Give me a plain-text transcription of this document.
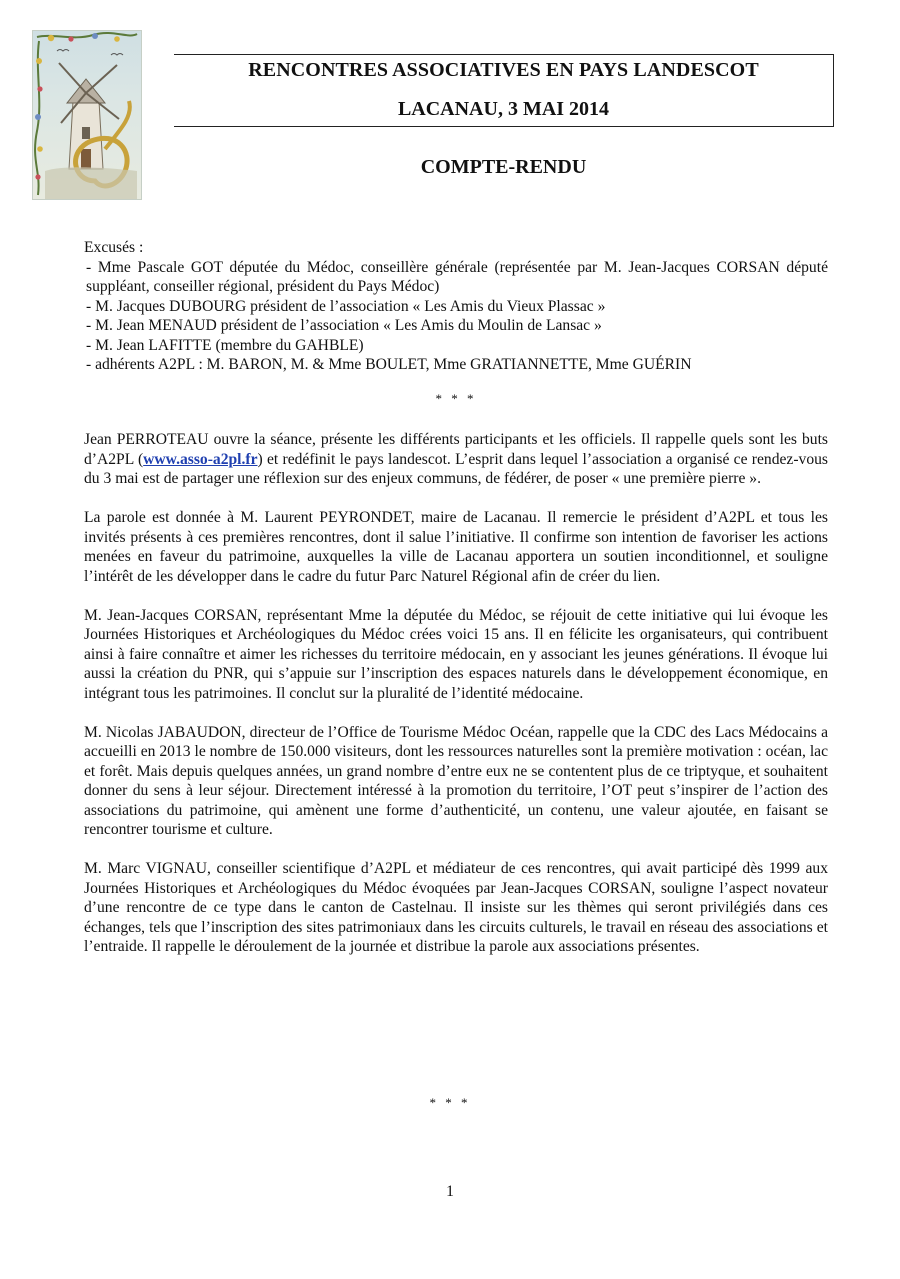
RENCONTRES ASSOCIATIVES EN PAYS LANDESCOT
LACANAU, 3 MAI 2014
COMPTE-RENDU

Excusés :

- Mme Pascale GOT députée du Médoc, conseillère générale (représentée par M. Jean-Jacques CORSAN député suppléant, conseiller régional, président du Pays Médoc)
- M. Jacques DUBOURG président de l’association « Les Amis du Vieux Plassac »
- M. Jean MENAUD président de l’association « Les Amis du Moulin de Lansac »
- M. Jean LAFITTE (membre du GAHBLE)
- adhérents A2PL : M. BARON, M. & Mme BOULET, Mme GRATIANNETTE, Mme GUÉRIN
* * *

Jean PERROTEAU ouvre la séance, présente les différents participants et les officiels. Il rappelle quels sont les buts d’A2PL (www.asso-a2pl.fr) et redéfinit le pays landescot. L’esprit dans lequel l’association a organisé ce rendez-vous du 3 mai est de partager une réflexion sur des enjeux communs, de fédérer, de poser « une première pierre ».

La parole est donnée à M. Laurent PEYRONDET, maire de Lacanau. Il remercie le président d’A2PL et tous les invités présents à ces premières rencontres, dont il salue l’initiative. Il confirme son intention de favoriser les actions menées en faveur du patrimoine, auxquelles la ville de Lacanau apportera un soutien inconditionnel, et souligne l’intérêt de les développer dans le cadre du futur Parc Naturel Régional afin de créer du lien.

M. Jean-Jacques CORSAN, représentant Mme la députée du Médoc, se réjouit de cette initiative qui lui évoque les Journées Historiques et Archéologiques du Médoc crées voici 15 ans. Il en félicite les organisateurs, qui contribuent ainsi à faire connaître et aimer les richesses du territoire médocain, en y associant les jeunes générations. Il évoque lui aussi la création du PNR, qui s’appuie sur l’inscription des espaces naturels dans le développement économique, en intégrant tous les patrimoines. Il conclut sur la pluralité de l’identité médocaine.

M. Nicolas JABAUDON, directeur de l’Office de Tourisme Médoc Océan, rappelle que la CDC des Lacs Médocains a accueilli en 2013 le nombre de 150.000 visiteurs, dont les ressources naturelles sont la première motivation : océan, lac et forêt. Mais depuis quelques années, un grand nombre d’entre eux ne se contentent plus de ce triptyque, et souhaitent donner du sens à leur séjour. Directement intéressé à la promotion du territoire, l’OT peut s’inspirer de l’action des associations du patrimoine, qui amènent une forme d’authenticité, un contenu, une valeur ajoutée, en faisant se rencontrer tourisme et culture.

M. Marc VIGNAU, conseiller scientifique d’A2PL et médiateur de ces rencontres, qui avait participé dès 1999 aux Journées Historiques et Archéologiques du Médoc évoquées par Jean-Jacques CORSAN, souligne l’aspect novateur d’une rencontre de ce type dans le canton de Castelnau. Il insiste sur les thèmes qui seront privilégiés dans ces échanges, tels que l’inscription des sites patrimoniaux dans les circuits culturels, le travail en réseau des associations et l’entraide. Il rappelle le déroulement de la journée et distribue la parole aux associations présentes.

* * *
1
